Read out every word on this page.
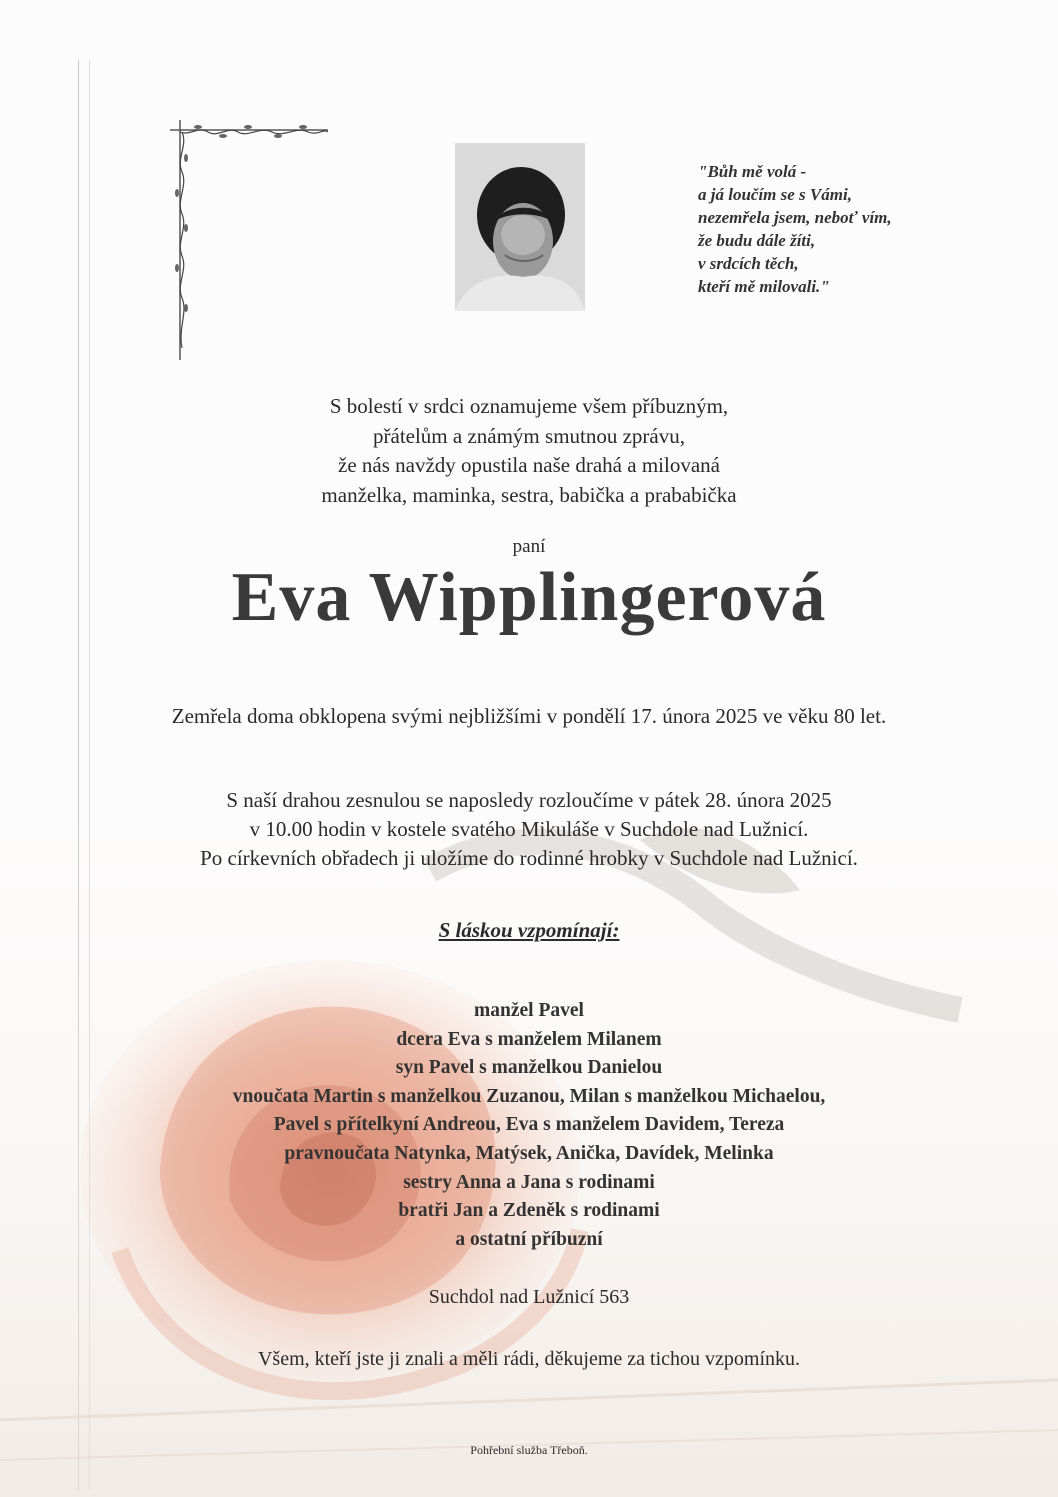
"Bůh mě volá -
a já loučím se s Vámi,
nezemřela jsem, neboť vím,
že budu dále žíti,
v srdcích těch,
kteří mě milovali."
S bolestí v srdci oznamujeme všem příbuzným,
přátelům a známým smutnou zprávu,
že nás navždy opustila naše drahá a milovaná
manželka, maminka, sestra, babička a prababička
paní
Eva Wipplingerová
Zemřela doma obklopena svými nejbližšími v pondělí 17. února 2025 ve věku 80 let.
S naší drahou zesnulou se naposledy rozloučíme v pátek 28. února 2025
v 10.00 hodin v kostele svatého Mikuláše v Suchdole nad Lužnicí.
Po církevních obřadech ji uložíme do rodinné hrobky v Suchdole nad Lužnicí.
S láskou vzpomínají:
manžel Pavel
dcera Eva s manželem Milanem
syn Pavel s manželkou Danielou
vnoučata Martin s manželkou Zuzanou, Milan s manželkou Michaelou,
Pavel s přítelkyní Andreou, Eva s manželem Davidem, Tereza
pravnoučata Natynka, Matýsek, Anička, Davídek, Melinka
sestry Anna a Jana s rodinami
bratři Jan a Zdeněk s rodinami
a ostatní příbuzní
Suchdol nad Lužnicí 563
Všem, kteří jste ji znali a měli rádi, děkujeme za tichou vzpomínku.
Pohřební služba Třeboň.
